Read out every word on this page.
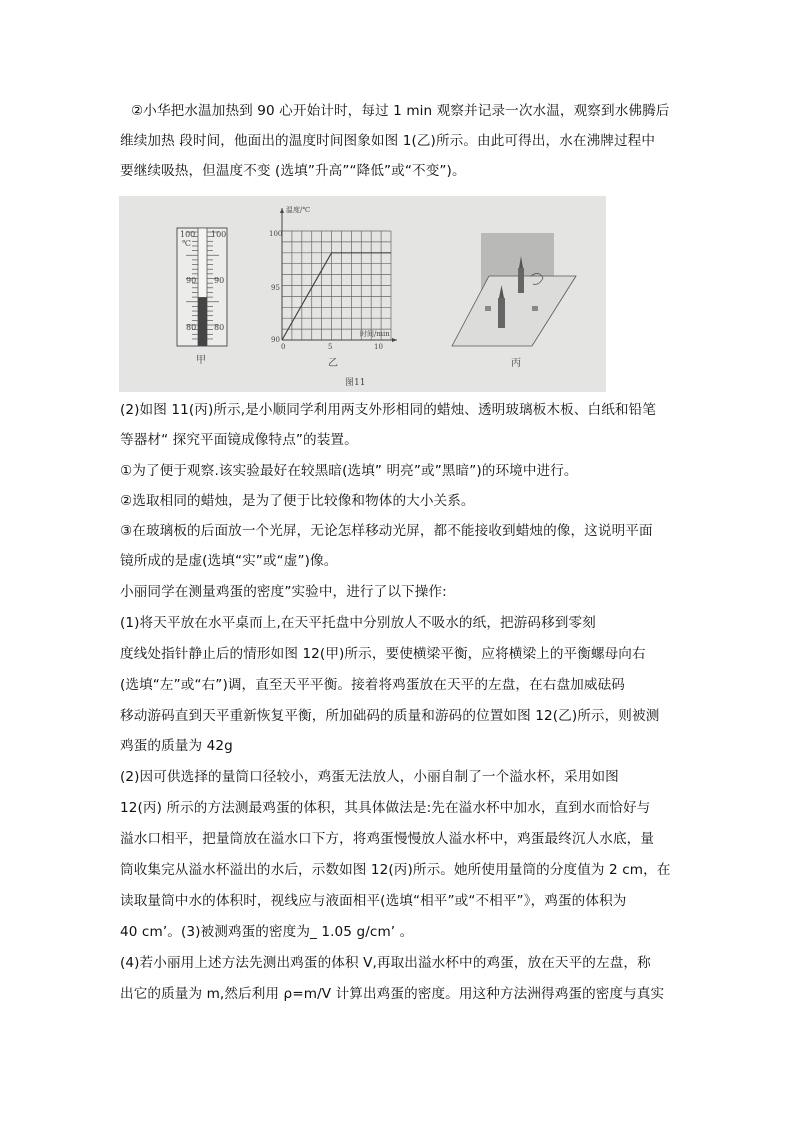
②小华把水温加热到 90 心开始计时，每过 1 min 观察并记录一次水温，观察到水佛腾后
维续加热 段时间，他面出的温度时间图象如图 1(乙)所示。由此可得出，水在沸牌过程中
要继续吸热，但温度不变 (选填”升高”“降低”或“不变”)。
100 100
℃
90 90
80 80
甲
温度/℃
时间/min
90
95
100
0	5	10
乙	丙
图11
(2)如图 11(丙)所示,是小顺同学利用两支外形相同的蜡烛、透明玻璃板木板、白纸和铅笔
等器材“ 探究平面镜成像特点”的装置。
①为了便于观察.该实验最好在较黑暗(选填” 明亮”或”黑暗”)的环境中进行。
②选取相同的蜡烛，是为了便于比较像和物体的大小关系。
③在玻璃板的后面放一个光屏，无论怎样移动光屏，都不能接收到蜡烛的像，这说明平面
镜所成的是虚(选填“实”或“虚”)像。
小丽同学在测量鸡蛋的密度”实验中，进行了以下操作:
(1)将天平放在水平桌而上,在天平托盘中分别放人不吸水的纸，把游码移到零刻
度线处指针静止后的情形如图 12(甲)所示，要使横梁平衡，应将横梁上的平衡螺母向右
(选填“左”或“右”)调，直至天平平衡。接着将鸡蛋放在天平的左盘，在右盘加威砝码
移动游码直到天平重新恢复平衡，所加础码的质量和游码的位置如图 12(乙)所示，则被测
鸡蛋的质量为 42g
(2)因可供选择的量筒口径较小，鸡蛋无法放人，小丽自制了一个溢水杯，采用如图
12(丙) 所示的方法测最鸡蛋的体积，其具体做法是:先在溢水杯中加水，直到水而恰好与
溢水口相平，把量筒放在溢水口下方，将鸡蛋慢慢放人溢水杯中，鸡蛋最终沉人水底，量
筒收集完从溢水杯溢出的水后，示数如图 12(丙)所示。她所使用量筒的分度值为 2 cm，在
读取量筒中水的体积时，视线应与液面相平(选填“相平”或“不相平”》，鸡蛋的体积为
40 cm’。(3)被测鸡蛋的密度为_ 1.05 g/cm’ 。
(4)若小丽用上述方法先测出鸡蛋的体积 V,再取出溢水杯中的鸡蛋，放在天平的左盘，称
出它的质量为 m,然后利用 ρ=m/V 计算出鸡蛋的密度。用这种方法洲得鸡蛋的密度与真实
